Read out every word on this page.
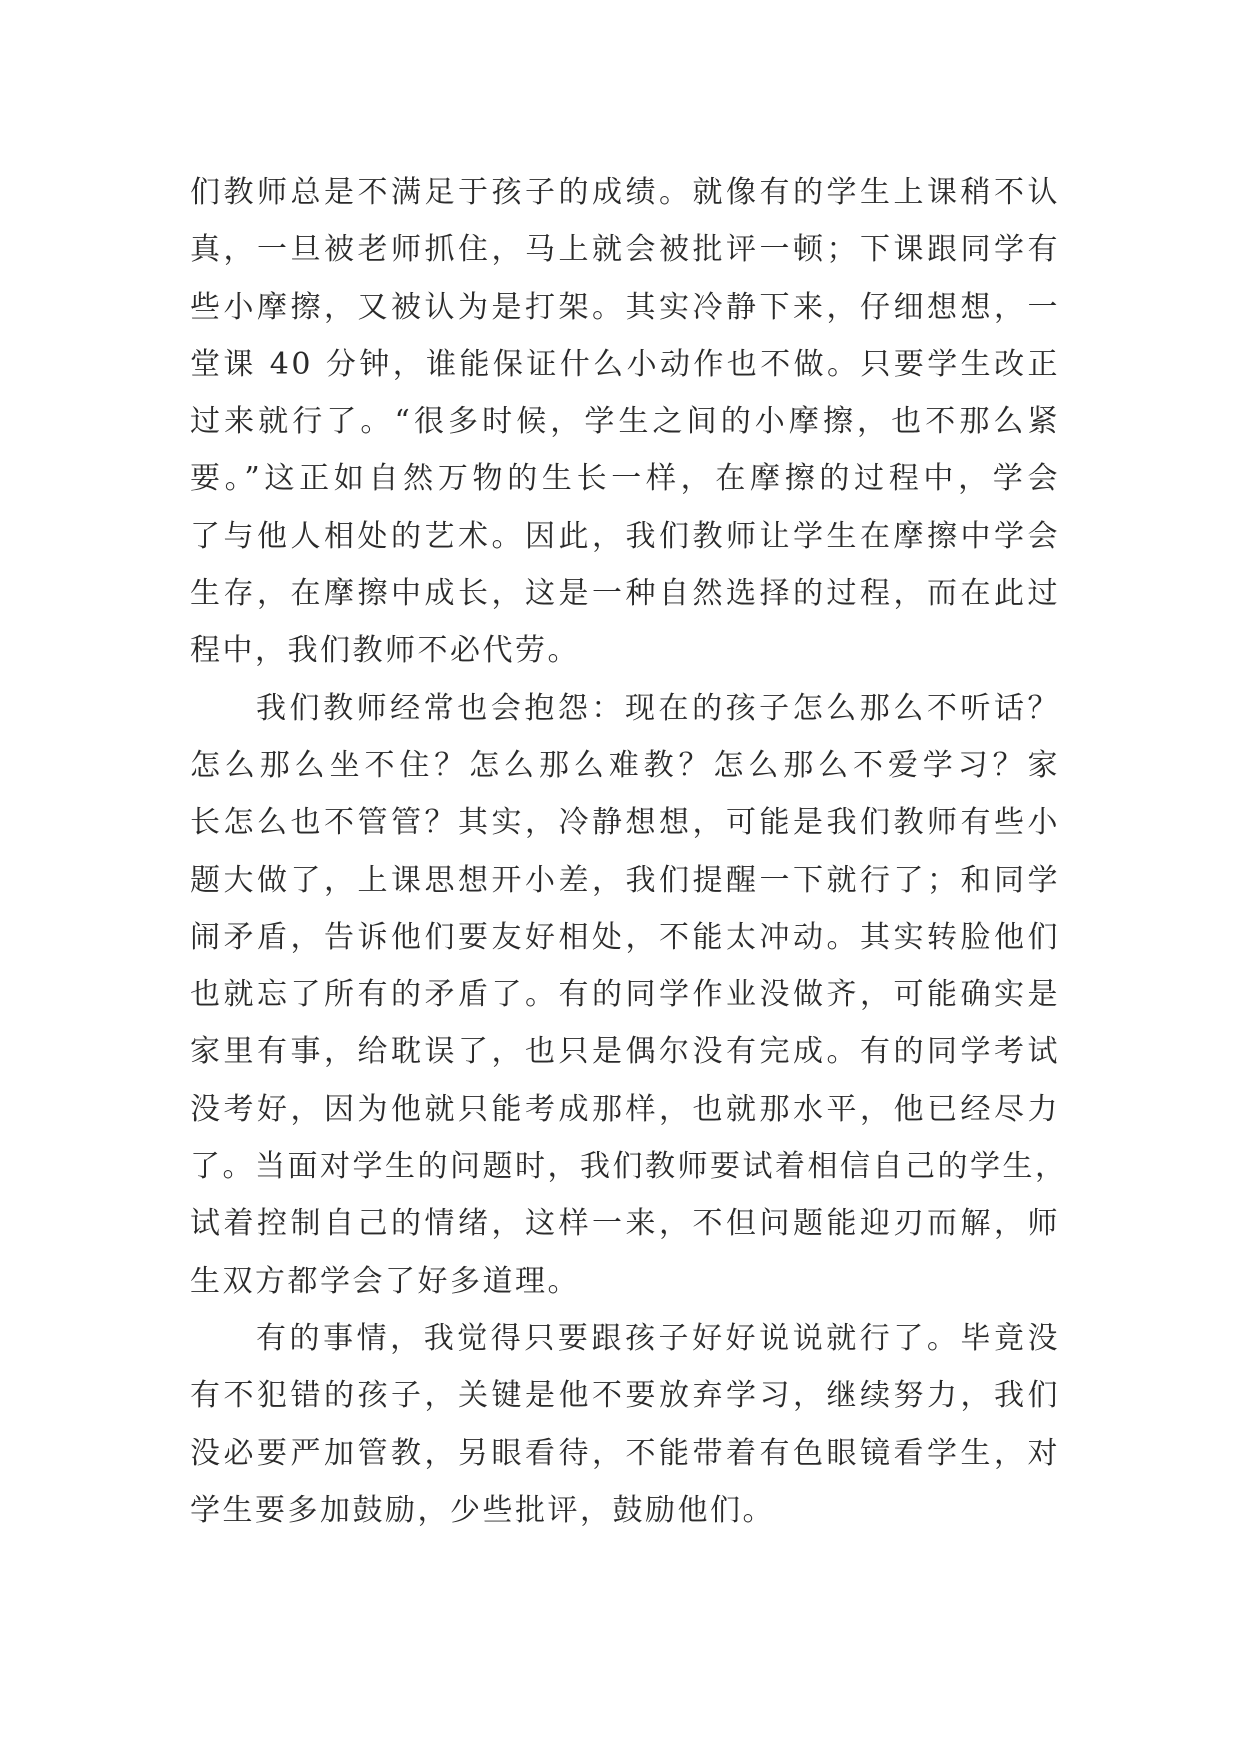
们教师总是不满足于孩子的成绩。就像有的学生上课稍不认
真，一旦被老师抓住，马上就会被批评一顿；下课跟同学有
些小摩擦，又被认为是打架。其实冷静下来，仔细想想，一
堂课 40 分钟，谁能保证什么小动作也不做。只要学生改正
过来就行了。“很多时候，学生之间的小摩擦，也不那么紧
要。”这正如自然万物的生长一样，在摩擦的过程中，学会
了与他人相处的艺术。因此，我们教师让学生在摩擦中学会
生存，在摩擦中成长，这是一种自然选择的过程，而在此过
程中，我们教师不必代劳。
我们教师经常也会抱怨：现在的孩子怎么那么不听话？
怎么那么坐不住？怎么那么难教？怎么那么不爱学习？家
长怎么也不管管？其实，冷静想想，可能是我们教师有些小
题大做了，上课思想开小差，我们提醒一下就行了；和同学
闹矛盾，告诉他们要友好相处，不能太冲动。其实转脸他们
也就忘了所有的矛盾了。有的同学作业没做齐，可能确实是
家里有事，给耽误了，也只是偶尔没有完成。有的同学考试
没考好，因为他就只能考成那样，也就那水平，他已经尽力
了。当面对学生的问题时，我们教师要试着相信自己的学生，
试着控制自己的情绪，这样一来，不但问题能迎刃而解，师
生双方都学会了好多道理。
有的事情，我觉得只要跟孩子好好说说就行了。毕竟没
有不犯错的孩子，关键是他不要放弃学习，继续努力，我们
没必要严加管教，另眼看待，不能带着有色眼镜看学生，对
学生要多加鼓励，少些批评，鼓励他们。
